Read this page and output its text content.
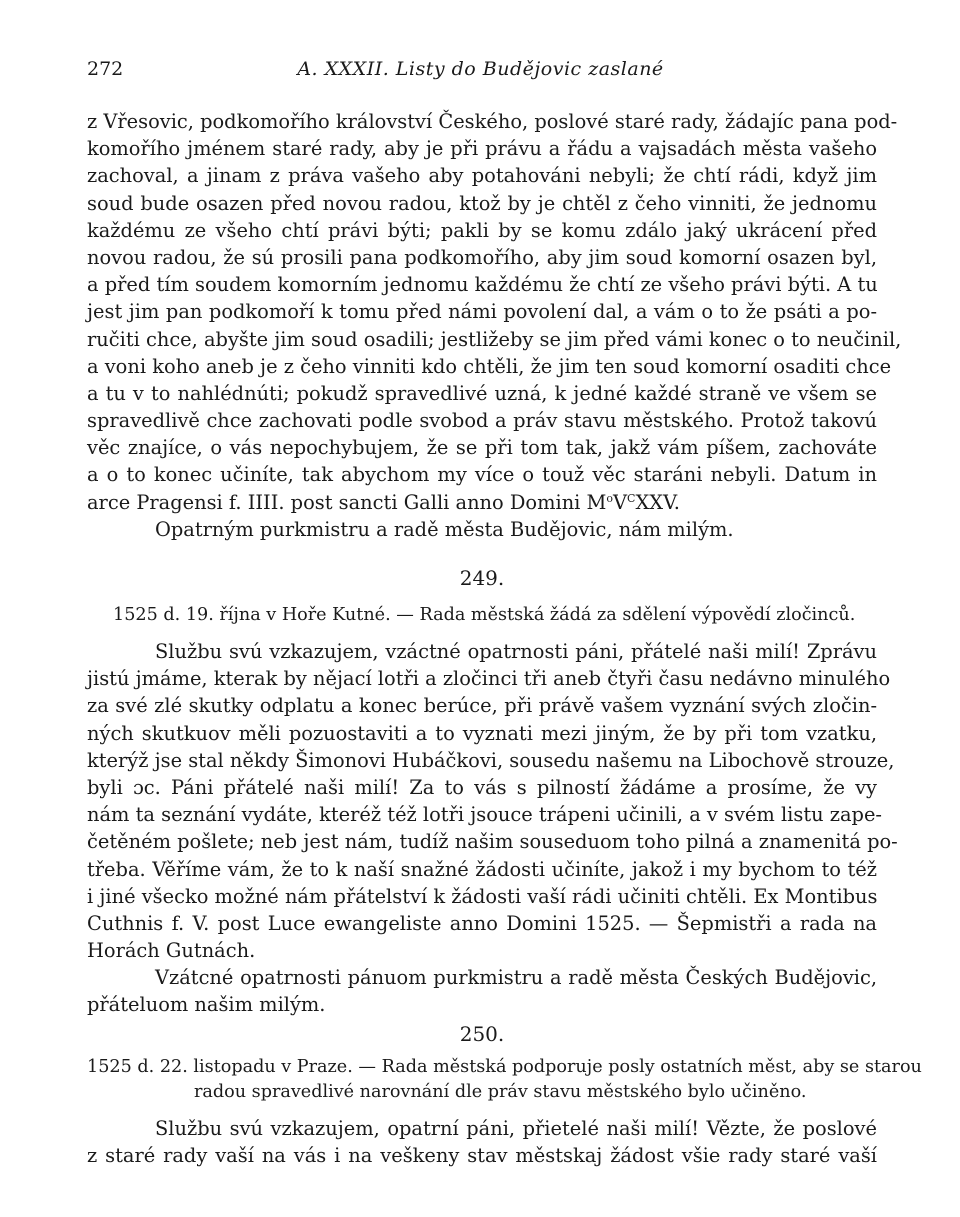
272	A. XXXII. Listy do Budějovic zaslané
z Vřesovic, podkomořího království Českého, poslové staré rady, žádajíc pana pod-
komořího jménem staré rady, aby je při právu a řádu a vajsadách města vašeho
zachoval, a jinam z práva vašeho aby potahováni nebyli; že chtí rádi, když jim
soud bude osazen před novou radou, ktož by je chtěl z čeho vinniti, že jednomu
každému ze všeho chtí právi býti; pakli by se komu zdálo jaký ukrácení před
novou radou, že sú prosili pana podkomořího, aby jim soud komorní osazen byl,
a před tím soudem komorním jednomu každému že chtí ze všeho právi býti. A tu
jest jim pan podkomoří k tomu před námi povolení dal, a vám o to že psáti a po-
ručiti chce, abyšte jim soud osadili; jestližeby se jim před vámi konec o to neučinil,
a voni koho aneb je z čeho vinniti kdo chtěli, že jim ten soud komorní osaditi chce
a tu v to nahlédnúti; pokudž spravedlivé uzná, k jedné každé straně ve všem se
spravedlivě chce zachovati podle svobod a práv stavu městského. Protož takovú
věc znajíce, o vás nepochybujem, že se při tom tak, jakž vám píšem, zachováte
a o to konec učiníte, tak abychom my více o touž věc staráni nebyli. Datum in
arce Pragensi f. IIII. post sancti Galli anno Domini $M^oV^CXXV$.
Opatrným purkmistru a radě města Budějovic, nám milým.
249.
1525 d. 19. října v Hoře Kutné. — Rada městská žádá za sdělení výpovědí zločinců.
Službu svú vzkazujem, vzáctné opatrnosti páni, přátelé naši milí! Zprávu
jistú jmáme, kterak by nějací lotři a zločinci tři aneb čtyři času nedávno minulého
za své zlé skutky odplatu a konec berúce, při právě vašem vyznání svých zločin-
ných skutkuov měli pozuostaviti a to vyznati mezi jiným, že by při tom vzatku,
kterýž jse stal někdy Šimonovi Hubáčkovi, sousedu našemu na Libochově strouze,
byli ɔc. Páni přátelé naši milí! Za to vás s pilností žádáme a prosíme, že vy
nám ta seznání vydáte, kteréž též lotři jsouce trápeni učinili, a v svém listu zape-
četěném pošlete; neb jest nám, tudíž našim souseduom toho pilná a znamenitá po-
třeba. Věříme vám, že to k naší snažné žádosti učiníte, jakož i my bychom to též
i jiné všecko možné nám přátelství k žádosti vaší rádi učiniti chtěli. Ex Montibus
Cuthnis f. V. post Luce ewangeliste anno Domini 1525. — Šepmistři a rada na
Horách Gutnách.
Vzátcné opatrnosti pánuom purkmistru a radě města Českých Budějovic,
přáteluom našim milým.
250.
1525 d. 22. listopadu v Praze. — Rada městská podporuje posly ostatních měst, aby se starou
radou spravedlivé narovnání dle práv stavu městského bylo učiněno.
Službu svú vzkazujem, opatrní páni, přietelé naši milí! Vězte, že poslové
z staré rady vaší na vás i na veškeny stav městskaj žádost všie rady staré vaší
